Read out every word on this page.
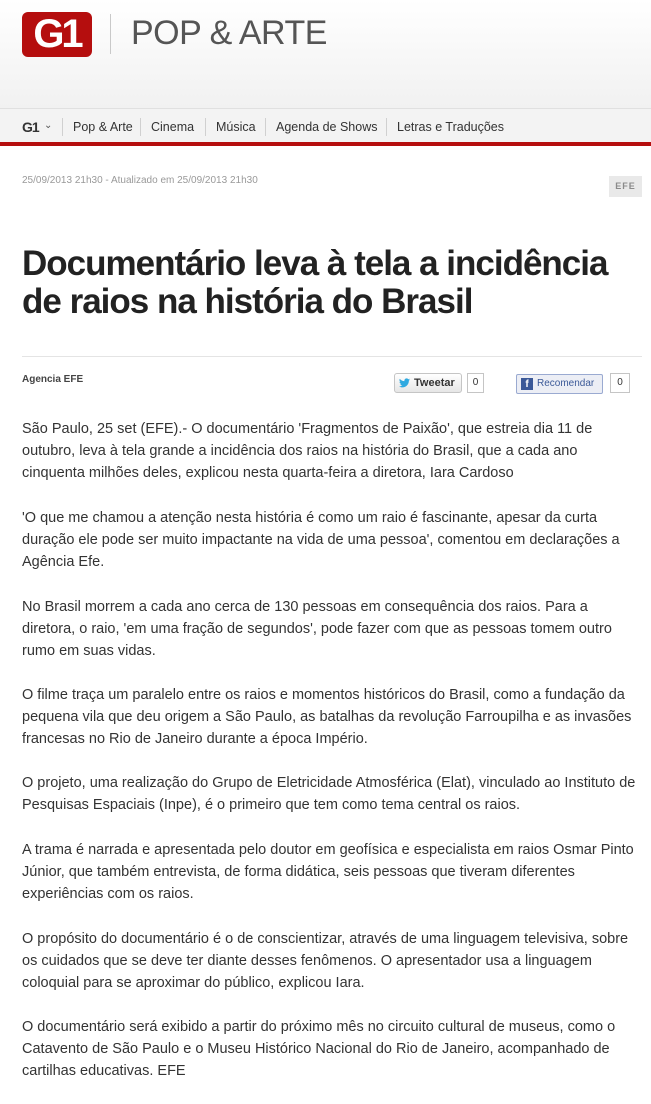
G1	POP & ARTE
G1 ⌄ Pop & Arte Cinema Música Agenda de Shows Letras e Traduções
25/09/2013 21h30 - Atualizado em 25/09/2013 21h30	EFE
Documentário leva à tela a incidência de raios na história do Brasil
Agencia EFE	Tweetar	0	f Recomendar	0

São Paulo, 25 set (EFE).- O documentário 'Fragmentos de Paixão', que estreia dia 11 de outubro, leva à tela grande a incidência dos raios na história do Brasil, que a cada ano cinquenta milhões deles, explicou nesta quarta-feira a diretora, Iara Cardoso

'O que me chamou a atenção nesta história é como um raio é fascinante, apesar da curta duração ele pode ser muito impactante na vida de uma pessoa', comentou em declarações a Agência Efe.

No Brasil morrem a cada ano cerca de 130 pessoas em consequência dos raios. Para a diretora, o raio, 'em uma fração de segundos', pode fazer com que as pessoas tomem outro rumo em suas vidas.

O filme traça um paralelo entre os raios e momentos históricos do Brasil, como a fundação da pequena vila que deu origem a São Paulo, as batalhas da revolução Farroupilha e as invasões francesas no Rio de Janeiro durante a época Império.

O projeto, uma realização do Grupo de Eletricidade Atmosférica (Elat), vinculado ao Instituto de Pesquisas Espaciais (Inpe), é o primeiro que tem como tema central os raios.

A trama é narrada e apresentada pelo doutor em geofísica e especialista em raios Osmar Pinto Júnior, que também entrevista, de forma didática, seis pessoas que tiveram diferentes experiências com os raios.

O propósito do documentário é o de conscientizar, através de uma linguagem televisiva, sobre os cuidados que se deve ter diante desses fenômenos. O apresentador usa a linguagem coloquial para se aproximar do público, explicou Iara.

O documentário será exibido a partir do próximo mês no circuito cultural de museus, como o Catavento de São Paulo e o Museu Histórico Nacional do Rio de Janeiro, acompanhado de cartilhas educativas. EFE
